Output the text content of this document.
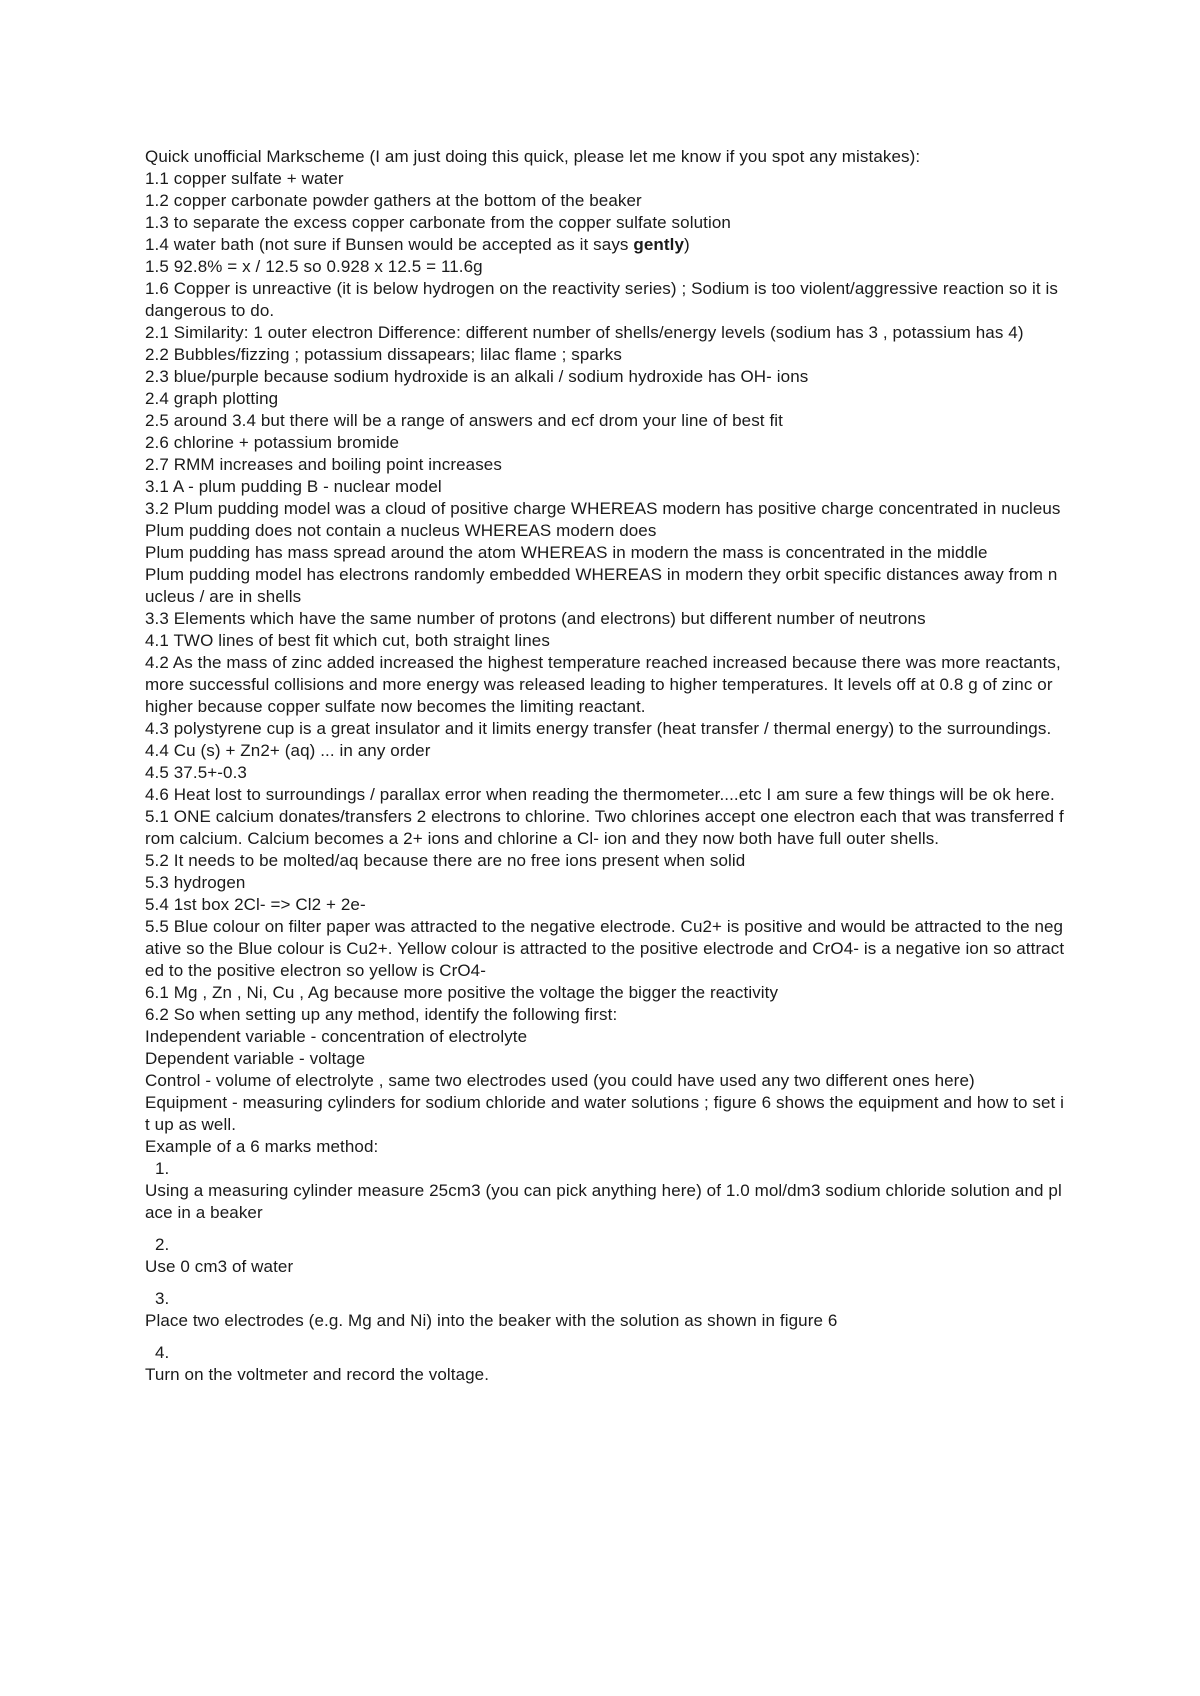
Quick unofficial Markscheme (I am just doing this quick, please let me know if you spot any mistakes):
1.1 copper sulfate + water
1.2 copper carbonate powder gathers at the bottom of the beaker
1.3 to separate the excess copper carbonate from the copper sulfate solution
1.4 water bath (not sure if Bunsen would be accepted as it says gently)
1.5 92.8% = x / 12.5 so 0.928 x 12.5 = 11.6g
1.6 Copper is unreactive (it is below hydrogen on the reactivity series) ; Sodium is too violent/aggressive reaction so it is dangerous to do.
2.1 Similarity: 1 outer electron Difference: different number of shells/energy levels (sodium has 3 , potassium has 4)
2.2 Bubbles/fizzing ; potassium dissapears; lilac flame ; sparks
2.3 blue/purple because sodium hydroxide is an alkali / sodium hydroxide has OH- ions
2.4 graph plotting
2.5 around 3.4 but there will be a range of answers and ecf drom your line of best fit
2.6 chlorine + potassium bromide
2.7 RMM increases and boiling point increases
3.1 A - plum pudding B - nuclear model
3.2 Plum pudding model was a cloud of positive charge WHEREAS modern has positive charge concentrated in nucleus
Plum pudding does not contain a nucleus WHEREAS modern does
Plum pudding has mass spread around the atom WHEREAS in modern the mass is concentrated in the middle
Plum pudding model has electrons randomly embedded WHEREAS in modern they orbit specific distances away from nucleus / are in shells
3.3 Elements which have the same number of protons (and electrons) but different number of neutrons
4.1 TWO lines of best fit which cut, both straight lines
4.2 As the mass of zinc added increased the highest temperature reached increased because there was more reactants, more successful collisions and more energy was released leading to higher temperatures. It levels off at 0.8 g of zinc or higher because copper sulfate now becomes the limiting reactant.
4.3 polystyrene cup is a great insulator and it limits energy transfer (heat transfer / thermal energy) to the surroundings.
4.4 Cu (s) + Zn2+ (aq) ... in any order
4.5 37.5+-0.3
4.6 Heat lost to surroundings / parallax error when reading the thermometer....etc I am sure a few things will be ok here.
5.1 ONE calcium donates/transfers 2 electrons to chlorine. Two chlorines accept one electron each that was transferred from calcium. Calcium becomes a 2+ ions and chlorine a Cl- ion and they now both have full outer shells.
5.2 It needs to be molted/aq because there are no free ions present when solid
5.3 hydrogen
5.4 1st box 2Cl- => Cl2 + 2e-
5.5 Blue colour on filter paper was attracted to the negative electrode. Cu2+ is positive and would be attracted to the negative so the Blue colour is Cu2+. Yellow colour is attracted to the positive electrode and CrO4- is a negative ion so attracted to the positive electron so yellow is CrO4-
6.1 Mg , Zn , Ni, Cu , Ag because more positive the voltage the bigger the reactivity
6.2 So when setting up any method, identify the following first:
Independent variable - concentration of electrolyte
Dependent variable - voltage
Control - volume of electrolyte , same two electrodes used (you could have used any two different ones here)
Equipment - measuring cylinders for sodium chloride and water solutions ; figure 6 shows the equipment and how to set it up as well.
Example of a 6 marks method:
1.
Using a measuring cylinder measure 25cm3 (you can pick anything here) of 1.0 mol/dm3 sodium chloride solution and place in a beaker
2.
Use 0 cm3 of water
3.
Place two electrodes (e.g. Mg and Ni) into the beaker with the solution as shown in figure 6
4.
Turn on the voltmeter and record the voltage.
